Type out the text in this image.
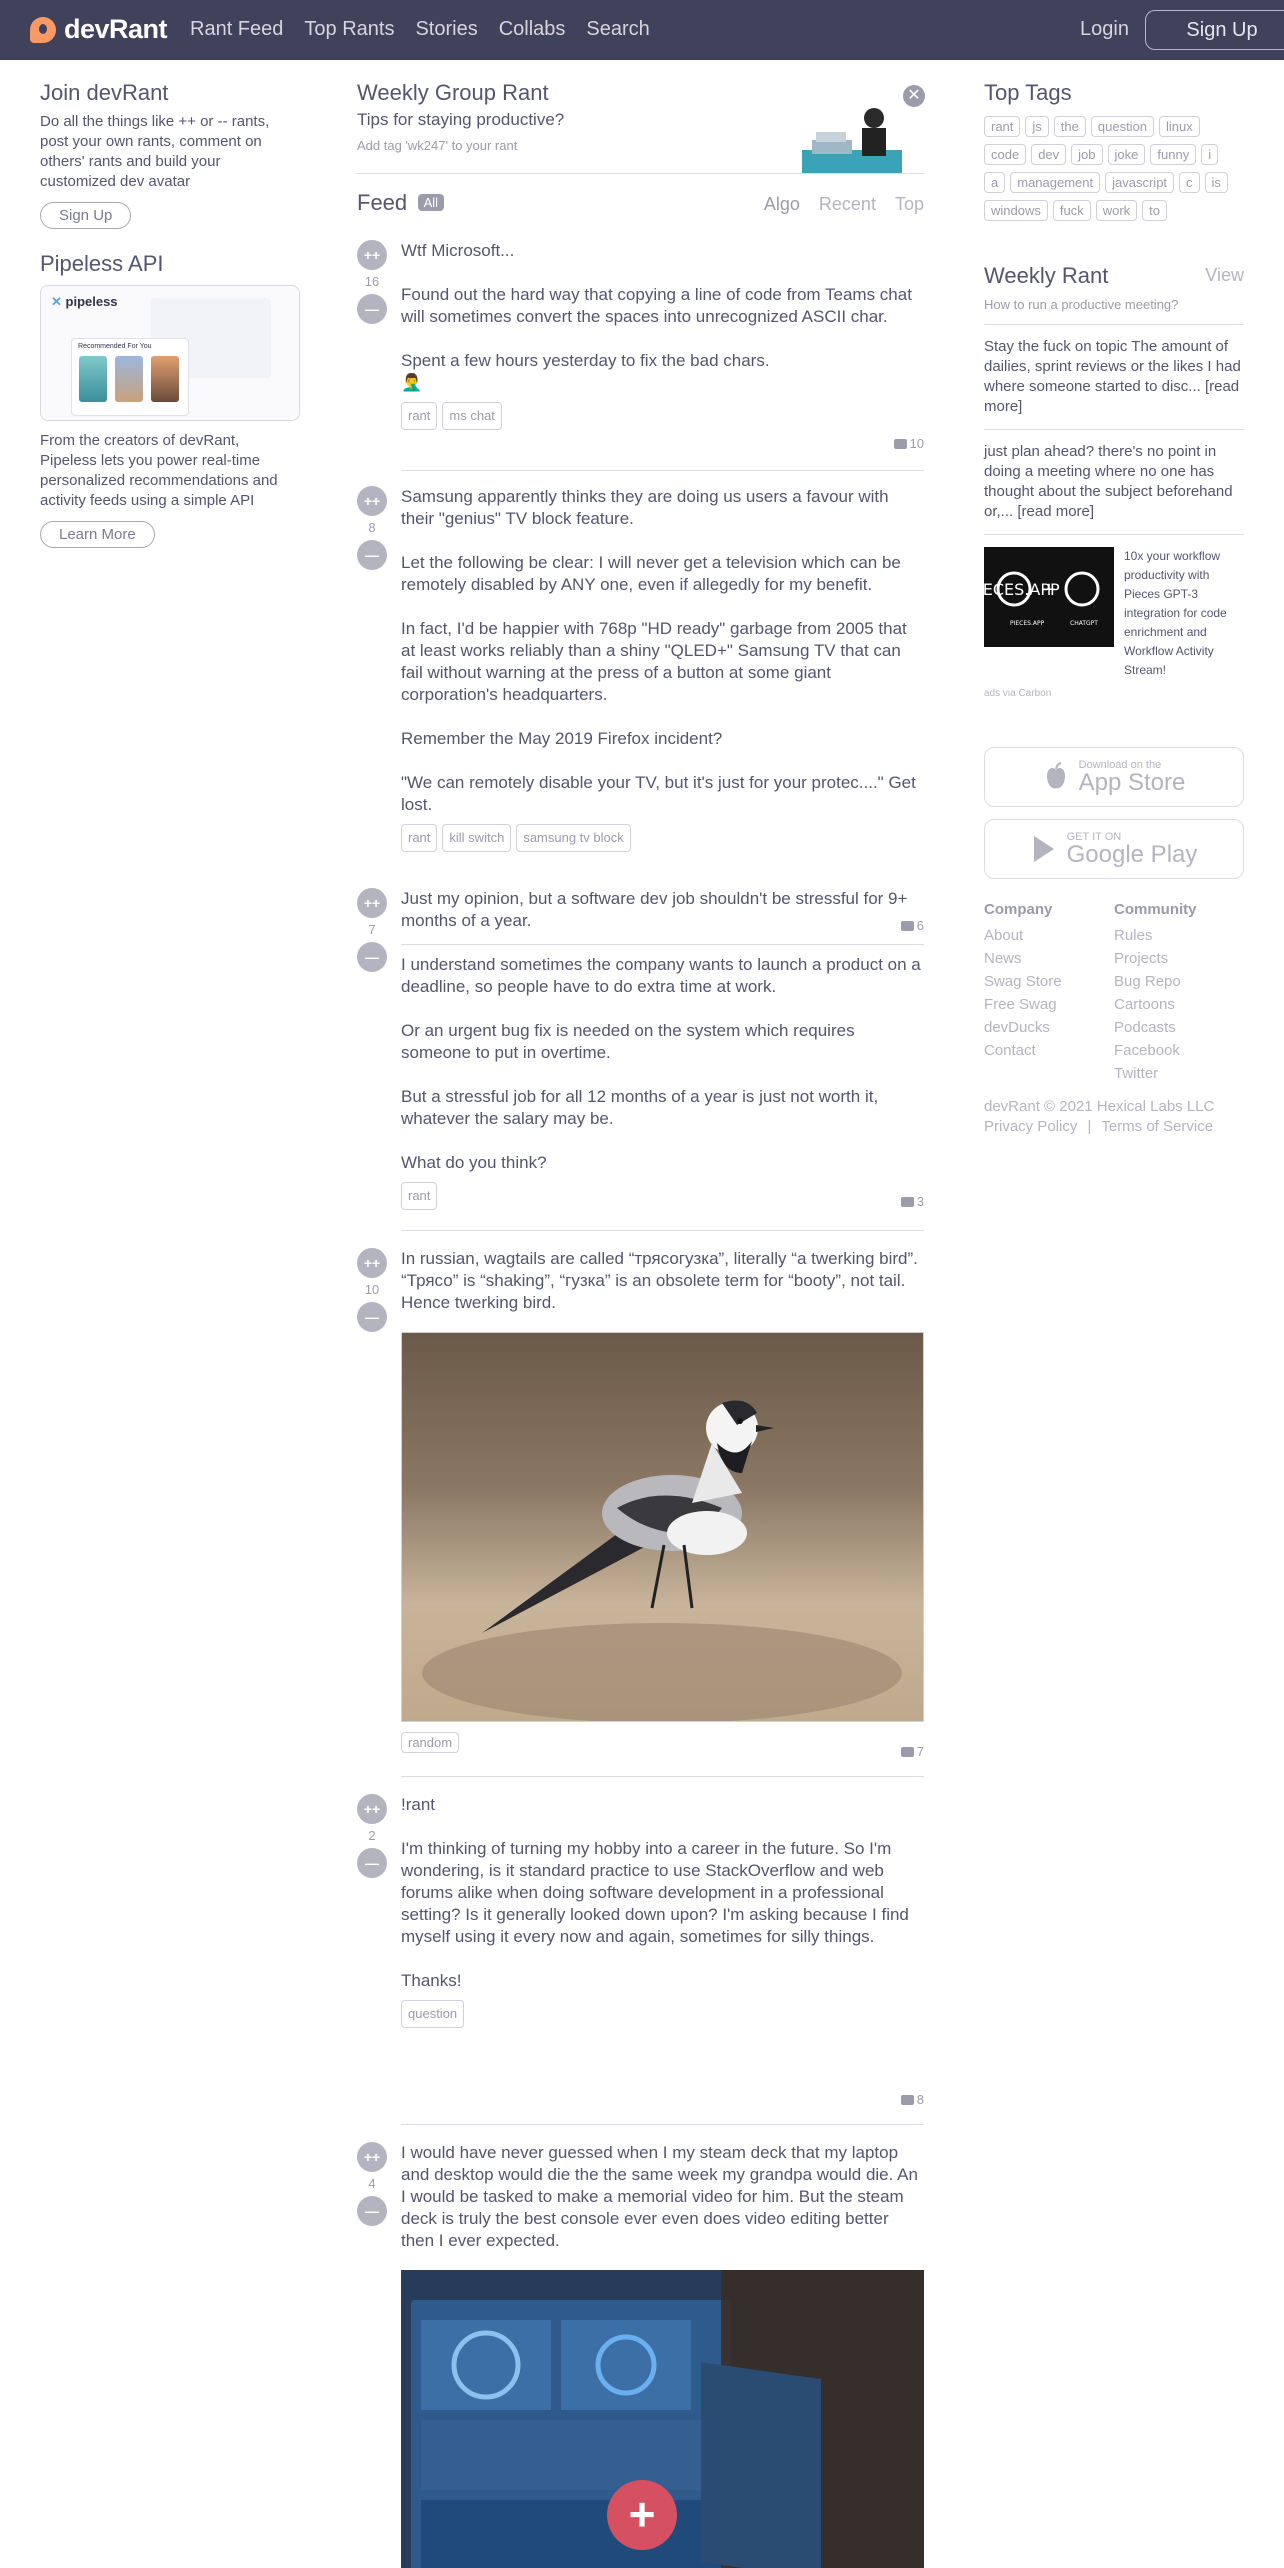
devRant Rant Feed Top Rants Stories Collabs Search	Login	Sign Up
Join devRant
Do all the things like ++ or -- rants, post your own rants, comment on others' rants and build your customized dev avatar
Sign Up
Pipeless API
✕ pipeless
Recommended For You
From the creators of devRant, Pipeless lets you power real-time personalized recommendations and activity feeds using a simple API
Learn More
Weekly Group Rant
Tips for staying productive?
Add tag 'wk247' to your rant
✕
Feed All	Algo Recent Top
++
16
—

Wtf Microsoft...

Found out the hard way that copying a line of code from Teams chat will sometimes convert the spaces into unrecognized ASCII char.

Spent a few hours yesterday to fix the bad chars.
🤦‍♂️

rant	ms chat
10
++
8
—

Samsung apparently thinks they are doing us users a favour with their "genius" TV block feature.

Let the following be clear: I will never get a television which can be remotely disabled by ANY one, even if allegedly for my benefit.

In fact, I'd be happier with 768p "HD ready" garbage from 2005 that at least works reliably than a shiny "QLED+" Samsung TV that can fail without warning at the press of a button at some giant corporation's headquarters.

Remember the May 2019 Firefox incident?

"We can remotely disable your TV, but it's just for your protec...." Get lost.

rant	kill switch	samsung tv block
6
++
7
—

Just my opinion, but a software dev job shouldn't be stressful for 9+ months of a year.

I understand sometimes the company wants to launch a product on a deadline, so people have to do extra time at work.

Or an urgent bug fix is needed on the system which requires someone to put in overtime.

But a stressful job for all 12 months of a year is just not worth it, whatever the salary may be.

What do you think?

rant	3
++
10
—

In russian, wagtails are called “трясогузка”, literally “a twerking bird”. “Трясо” is “shaking”, “гузка” is an obsolete term for “booty”, not tail. Hence twerking bird.

random
7
++
2
—

!rant

I'm thinking of turning my hobby into a career in the future. So I'm wondering, is it standard practice to use StackOverflow and web forums alike when doing software development in a professional setting? Is it generally looked down upon? I'm asking because I find myself using it every now and again, sometimes for silly things.

Thanks!

question
8
++
4
—

I would have never guessed when I my steam deck that my laptop and desktop would die the the same week my grandpa would die. An I would be tasked to make a memorial video for him. But the steam deck is truly the best console ever even does video editing better then I ever expected.

+
Top Tags
rant	js	the	question	linux
code	dev	job	joke	funny	i
a	management	javascript	c	is
windows	fuck	work	to
Weekly Rant	View
How to run a productive meeting?
Stay the fuck on topic The amount of dailies, sprint reviews or the likes I had where someone started to disc... [read more]
just plan ahead? there's no point in doing a meeting where no one has thought about the subject beforehand or,... [read more]
ECES.APP
+
PIECES.APP	CHATGPT
10x your workflow productivity with Pieces GPT-3 integration for code enrichment and Workflow Activity Stream!
ads via Carbon
Download on the
App Store
GET IT ON
Google Play
Company
About
News
Swag Store
Free Swag
devDucks
Contact
Community
Rules
Projects
Bug Repo
Cartoons
Podcasts
Facebook
Twitter
devRant © 2021 Hexical Labs LLC
Privacy Policy | Terms of Service
